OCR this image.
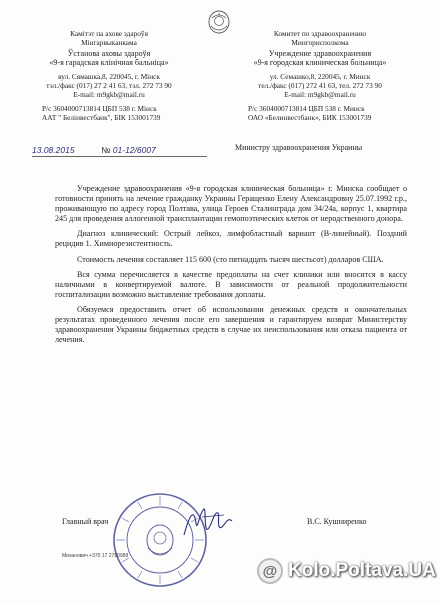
Камітэт па ахове здароўя
Мінгарвыканкама
Ўстанова аховы здароўя
«9-я гарадская клінічная бальніца»
вул. Сямашка,8, 220045, г. Мінск
тэл./факс (017) 27 2 41 63, тэл. 272 73 90
E-mail: m9gkb@mail.ru
Р/с 3604000713814 ЦБП 538 г. Мінск
ААТ " Белінвестбанк", БІК 153001739
Комитет по здравоохранению
Мингорисполкома
Учреждение здравоохранения
«9-я городская клиническая больница»
ул. Семашко,8, 220045, г. Минск
тел./факс (017) 272 41 63, тел. 272 73 90
E-mail: m9gkb@mail.ru
Р/с 3604000713814 ЦБП 538 г. Минск
ОАО «Белинвестбанк», БИК 153001739
13.08.2015	№ 01-12/6007	Министру здравоохранения Украины

Учреждение здравоохранения «9-я городская клиническая больница» г. Минска сообщает о готовности принять на лечение гражданку Украины Геращенко Елену Александровну 25.07.1992 г.р., проживающую по адресу город Полтава, улица Героев Сталинграда дом 34/24а, корпус 1, квартира 245 для проведения аллогенной трансплантации гемопоэтических клеток от неродственного донора.

Диагноз клинический: Острый лейкоз, лимфобластный вариант (В-линейный). Поздний рецидив 1. Химиорезистентность.

Стоимость лечения составляет 115 600 (сто пятнадцать тысяч шестьсот) долларов США.

Вся сумма перечисляется в качестве предоплаты на счет клиники или вносится в кассу наличными в конвертируемой валюте. В зависимости от реальной продолжительности госпитализации возможно выставление требования доплаты.

Обязуемся предоставить отчет об использовании денежных средств и окончательных результатах проведенного лечения после его завершения и гарантируем возврат Министерству здравоохранения Украины бюджетных средств в случае их неиспользования или отказа пациента от лечения.

Главный врач	В.С. Кушниренко
Миханович +375 17 2780988
@ Kolo.Poltava.UA
